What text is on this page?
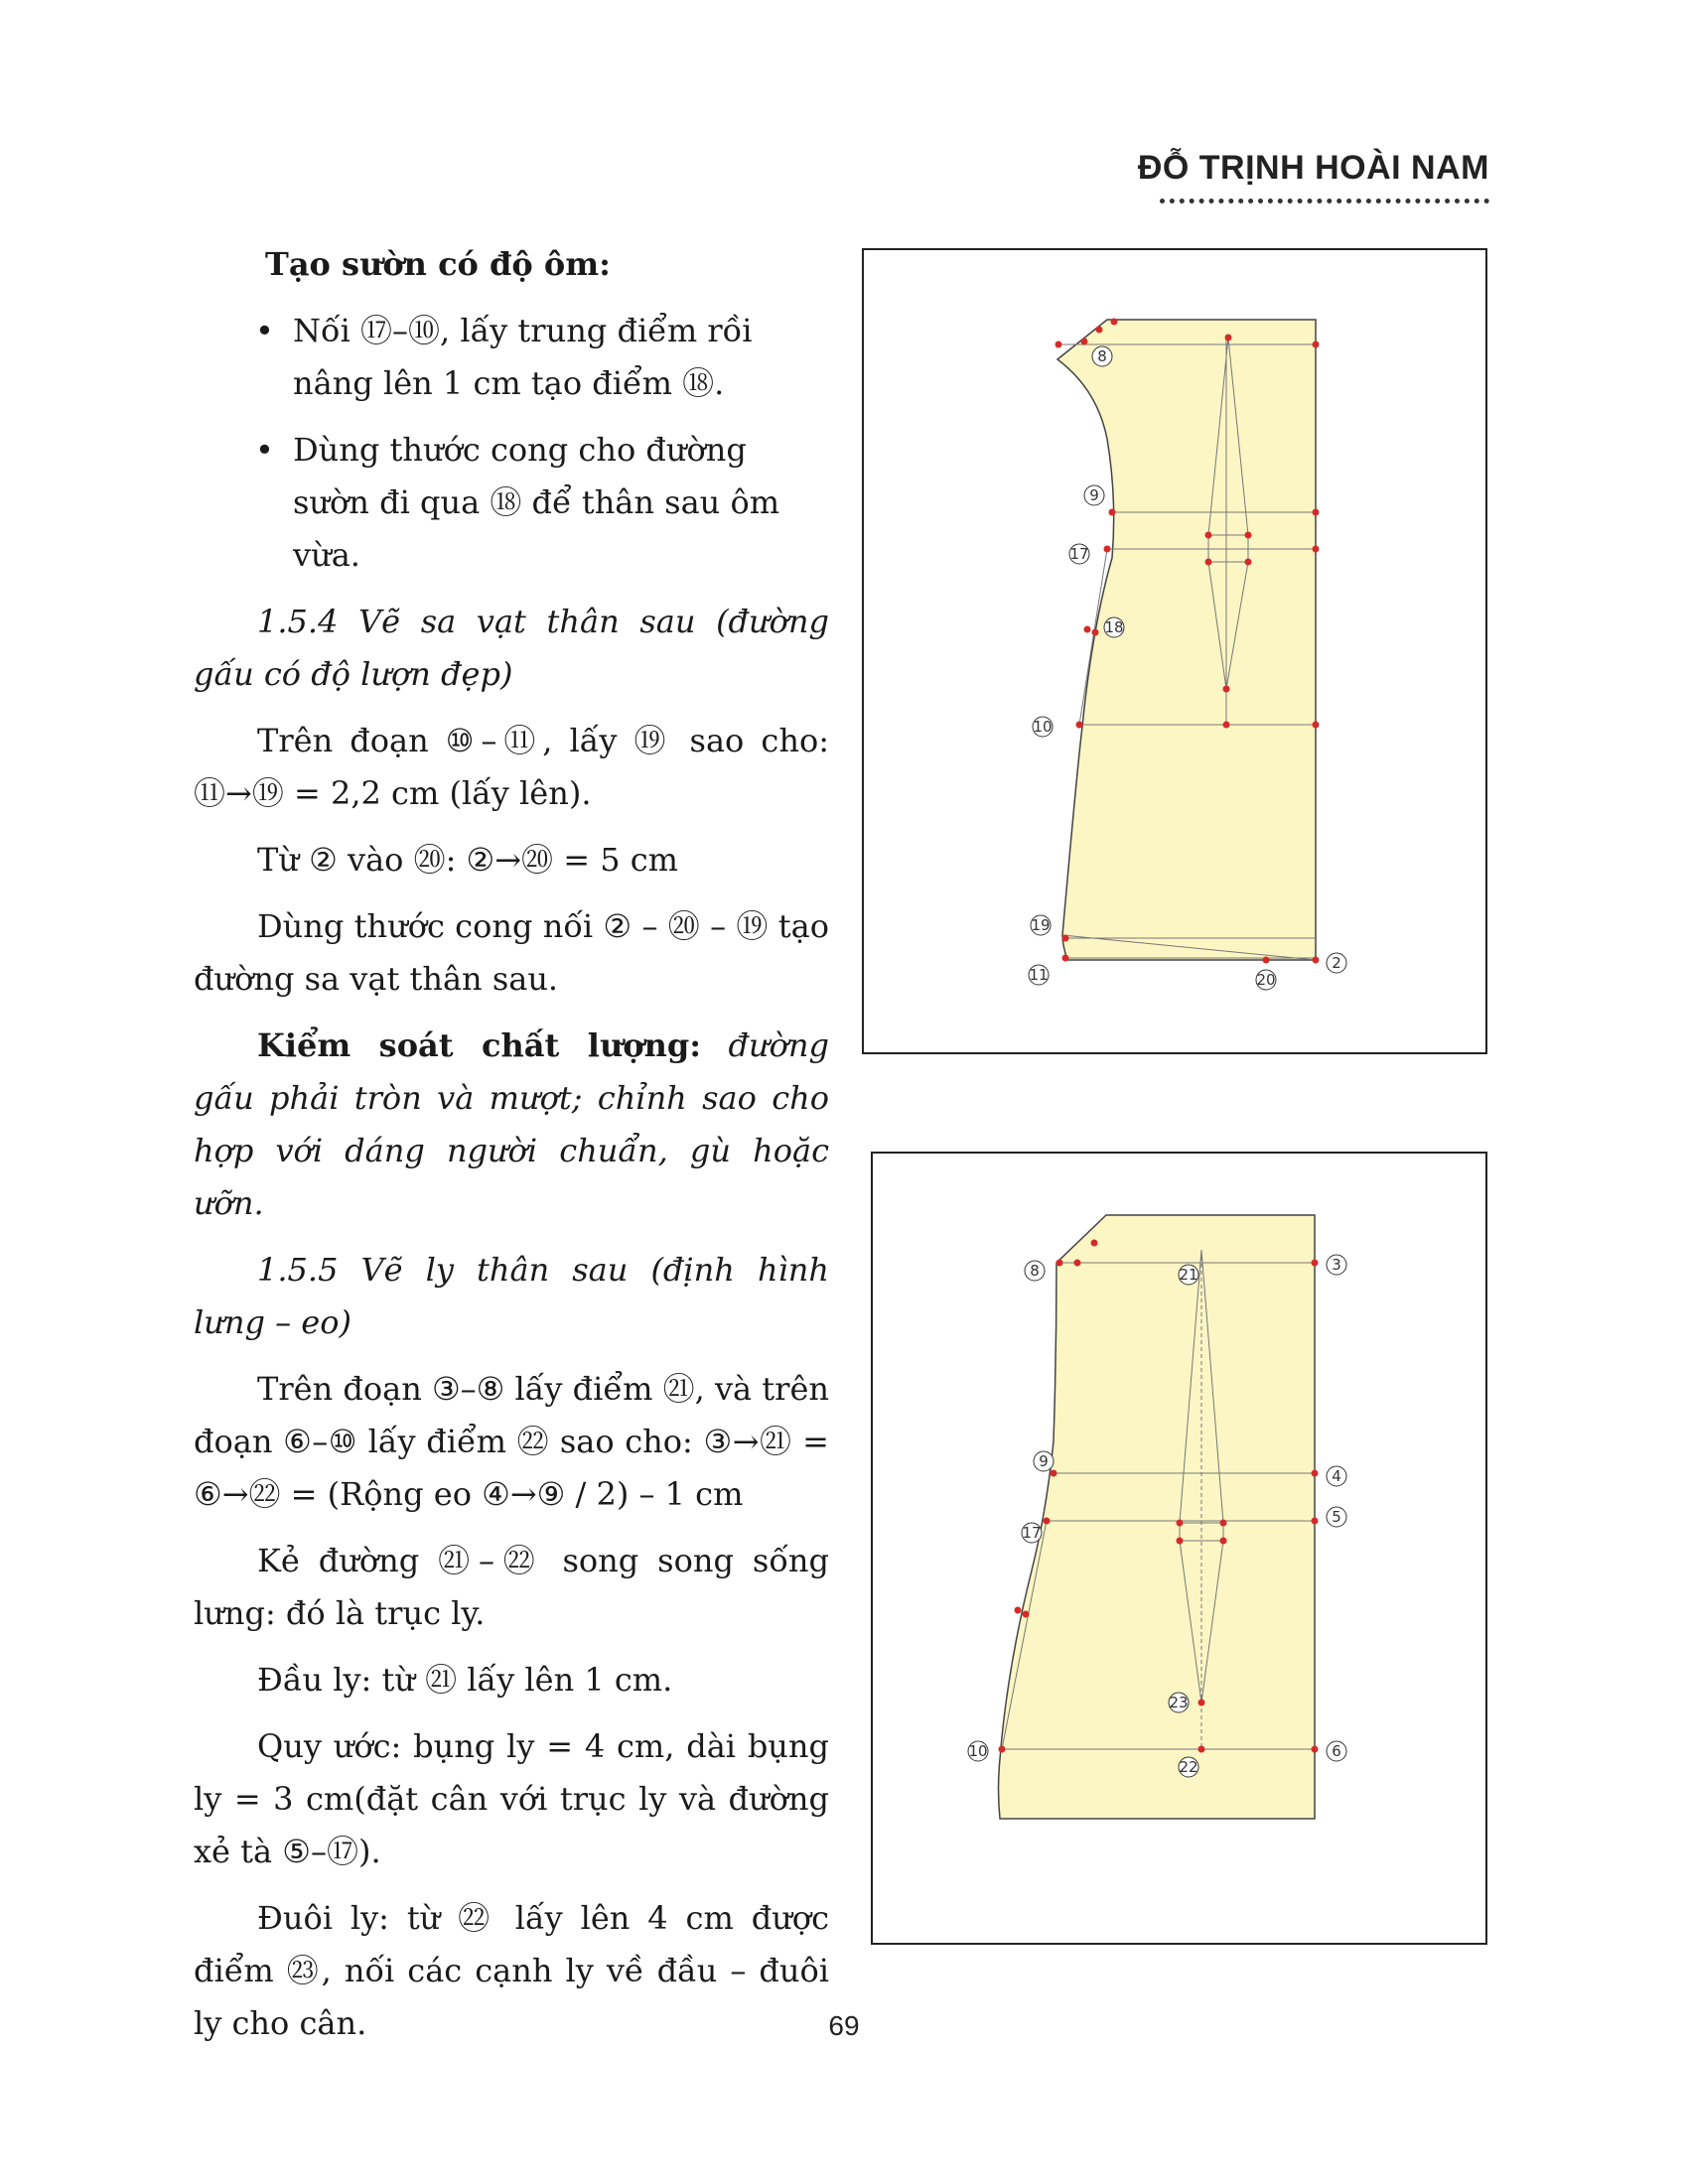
ĐỖ TRỊNH HOÀI NAM

Tạo sườn có độ ôm:

• Nối ⑰–⑩, lấy trung điểm rồi nâng lên 1 cm tạo điểm ⑱.
• Dùng thước cong cho đường sườn đi qua ⑱ để thân sau ôm vừa.

1.5.4 Vẽ sa vạt thân sau (đường gấu có độ lượn đẹp)

Trên đoạn ⑩–⑪, lấy ⑲ sao cho: ⑪→⑲ = 2,2 cm (lấy lên).

Từ ② vào ⑳: ②→⑳ = 5 cm

Dùng thước cong nối ② – ⑳ – ⑲ tạo đường sa vạt thân sau.

Kiểm soát chất lượng: đường gấu phải tròn và mượt; chỉnh sao cho hợp với dáng người chuẩn, gù hoặc ưỡn.

1.5.5 Vẽ ly thân sau (định hình lưng – eo)

Trên đoạn ③–⑧ lấy điểm ㉑, và trên đoạn ⑥–⑩ lấy điểm ㉒ sao cho: ③→㉑ = ⑥→㉒ = (Rộng eo ④→⑨ / 2) – 1 cm

Kẻ đường ㉑–㉒ song song sống lưng: đó là trục ly.

Đầu ly: từ ㉑ lấy lên 1 cm.

Quy ước: bụng ly = 4 cm, dài bụng ly = 3 cm(đặt cân với trục ly và đường xẻ tà ⑤–⑰).

Đuôi ly: từ ㉒ lấy lên 4 cm được điểm ㉓, nối các cạnh ly về đầu – đuôi ly cho cân.

8
9
17
18
10
19
11	20
2
8	3
21
9
4
17
5
23
10	6
22
69
